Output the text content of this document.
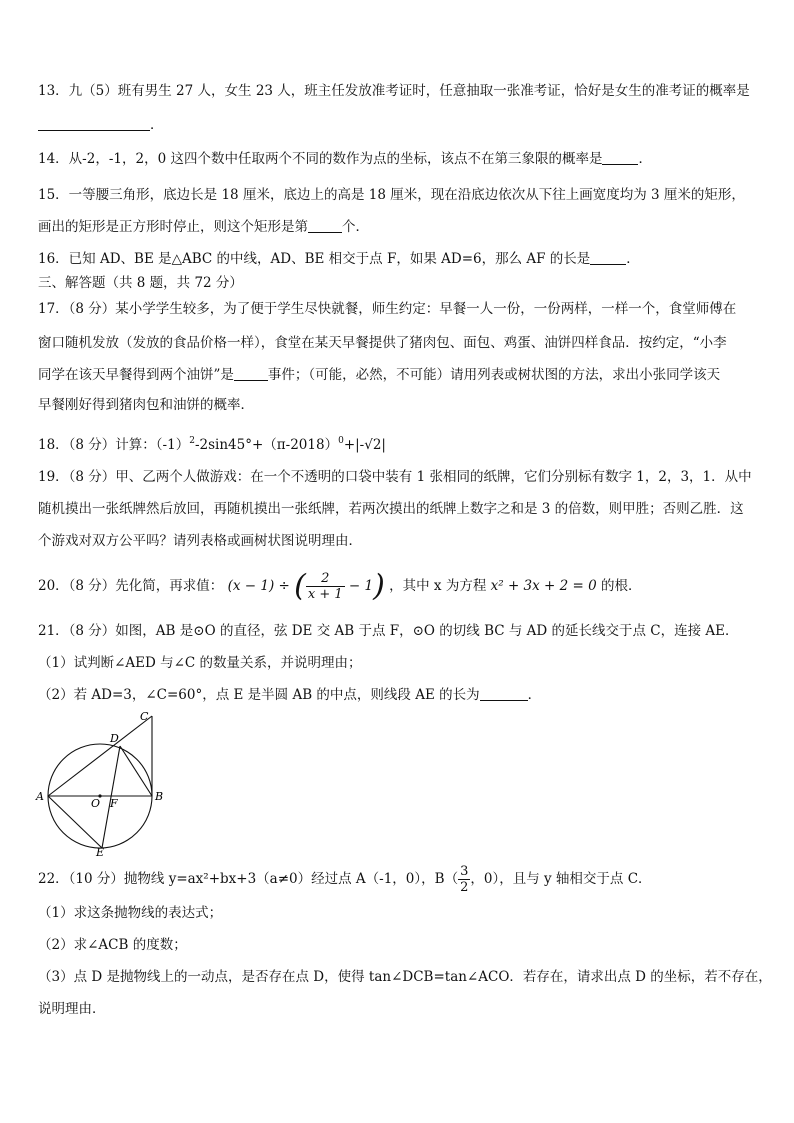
13．九（5）班有男生 27 人，女生 23 人，班主任发放准考证时，任意抽取一张准考证，恰好是女生的准考证的概率是
．
14．从-2，-1，2，0 这四个数中任取两个不同的数作为点的坐标，该点不在第三象限的概率是	．
15．一等腰三角形，底边长是 18 厘米，底边上的高是 18 厘米，现在沿底边依次从下往上画宽度均为 3 厘米的矩形，
画出的矩形是正方形时停止，则这个矩形是第	个．
16．已知 AD、BE 是△ABC 的中线，AD、BE 相交于点 F，如果 AD=6，那么 AF 的长是	．
三、解答题（共 8 题，共 72 分）
17．（8 分）某小学学生较多，为了便于学生尽快就餐，师生约定：早餐一人一份，一份两样，一样一个，食堂师傅在
窗口随机发放（发放的食品价格一样），食堂在某天早餐提供了猪肉包、面包、鸡蛋、油饼四样食品．按约定，“小李
同学在该天早餐得到两个油饼”是	事件；（可能，必然，不可能）请用列表或树状图的方法，求出小张同学该天
早餐刚好得到猪肉包和油饼的概率．
18．（8 分）计算：$(-1)^2-2\sin 45^\circ+(\pi-2018)^0+|-√2|$
19．（8 分）甲、乙两个人做游戏：在一个不透明的口袋中装有 1 张相同的纸牌，它们分别标有数字 1，2，3，1．从中
随机摸出一张纸牌然后放回，再随机摸出一张纸牌，若两次摸出的纸牌上数字之和是 3 的倍数，则甲胜；否则乙胜．这
个游戏对双方公平吗？请列表格或画树状图说明理由．
20．（8 分）先化简，再求值： (x − 1) ÷ ( $\frac{2}{x + 1} - 1$) ，其中 x 为方程 x² + 3x + 2 = 0 的根．
21．（8 分）如图，AB 是⊙O 的直径，弦 DE 交 AB 于点 F，⊙O 的切线 BC 与 AD 的延长线交于点 C，连接 AE．
（1）试判断∠AED 与∠C 的数量关系，并说明理由；
（2）若 AD=3，∠C=60°，点 E 是半圆 AB 的中点，则线段 AE 的长为	．
A	B
C
D
E
O F
22．（10 分）抛物线 y=ax²+bx+3（a≠0）经过点 A（-1，0），$B( \frac{3}{2}$ ，0），且与 y 轴相交于点 C．
（1）求这条抛物线的表达式；
（2）求∠ACB 的度数；
（3）点 D 是抛物线上的一动点，是否存在点 D，使得 tan∠DCB=tan∠ACO．若存在，请求出点 D 的坐标，若不存在，
说明理由．
